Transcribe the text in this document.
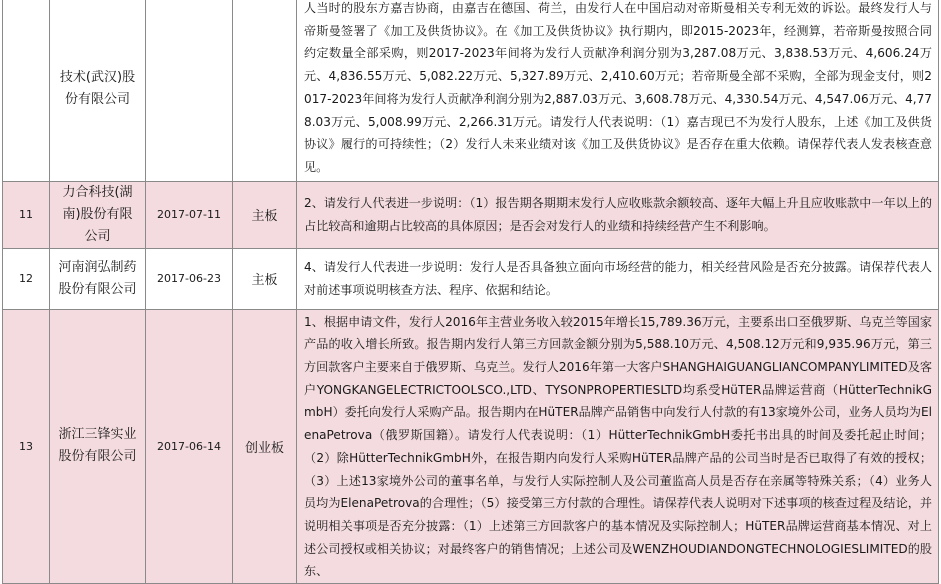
	技术(武汉)股份有限公司			人当时的股东方嘉吉协商，由嘉吉在德国、荷兰，由发行人在中国启动对帝斯曼相关专利无效的诉讼。最终发行人与帝斯曼签署了《加工及供货协议》。在《加工及供货协议》执行期内，即2015-2023年，经测算，若帝斯曼按照合同约定数量全部采购，则2017-2023年间将为发行人贡献净利润分别为3,287.08万元、3,838.53万元、4,606.24万元、4,836.55万元、5,082.22万元、5,327.89万元、2,410.60万元；若帝斯曼全部不采购，全部为现金支付，则2017-2023年间将为发行人贡献净利润分别为2,887.03万元、3,608.78万元、4,330.54万元、4,547.06万元、4,778.03万元、5,008.99万元、2,266.31万元。请发行人代表说明：（1）嘉吉现已不为发行人股东，上述《加工及供货协议》履行的可持续性；（2）发行人未来业绩对该《加工及供货协议》是否存在重大依赖。请保荐代表人发表核查意见。
11	力合科技(湖南)股份有限公司	2017-07-11	主板	2、请发行人代表进一步说明：（1）报告期各期期末发行人应收账款余额较高、逐年大幅上升且应收账款中一年以上的占比较高和逾期占比较高的具体原因；是否会对发行人的业绩和持续经营产生不利影响。
12	河南润弘制药股份有限公司	2017-06-23	主板	4、请发行人代表进一步说明：发行人是否具备独立面向市场经营的能力，相关经营风险是否充分披露。请保荐代表人对前述事项说明核查方法、程序、依据和结论。
13	浙江三锋实业股份有限公司	2017-06-14	创业板	1、根据申请文件，发行人2016年主营业务收入较2015年增长15,789.36万元，主要系出口至俄罗斯、乌克兰等国家产品的收入增长所致。报告期内发行人第三方回款金额分别为5,588.10万元、4,508.12万元和9,935.96万元，第三方回款客户主要来自于俄罗斯、乌克兰。发行人2016年第一大客户SHANGHAIGUANGLIANCOMPANYLIMITED及客户YONGKANGELECTRICTOOLSCO.,LTD、TYSONPROPERTIESLTD均系受HüTER品牌运营商（HütterTechnikGmbH）委托向发行人采购产品。报告期内在HüTER品牌产品销售中向发行人付款的有13家境外公司，业务人员均为ElenaPetrova（俄罗斯国籍）。请发行人代表说明：（1）HütterTechnikGmbH委托书出具的时间及委托起止时间；（2）除HütterTechnikGmbH外，在报告期内向发行人采购HüTER品牌产品的公司当时是否已取得了有效的授权；（3）上述13家境外公司的董事名单，与发行人实际控制人及公司董监高人员是否存在亲属等特殊关系；（4）业务人员均为ElenaPetrova的合理性；（5）接受第三方付款的合理性。请保荐代表人说明对下述事项的核查过程及结论，并说明相关事项是否充分披露：（1）上述第三方回款客户的基本情况及实际控制人；HüTER品牌运营商基本情况、对上述公司授权或相关协议；对最终客户的销售情况；上述公司及WENZHOUDIANDONGTECHNOLOGIESLIMITED的股东、
